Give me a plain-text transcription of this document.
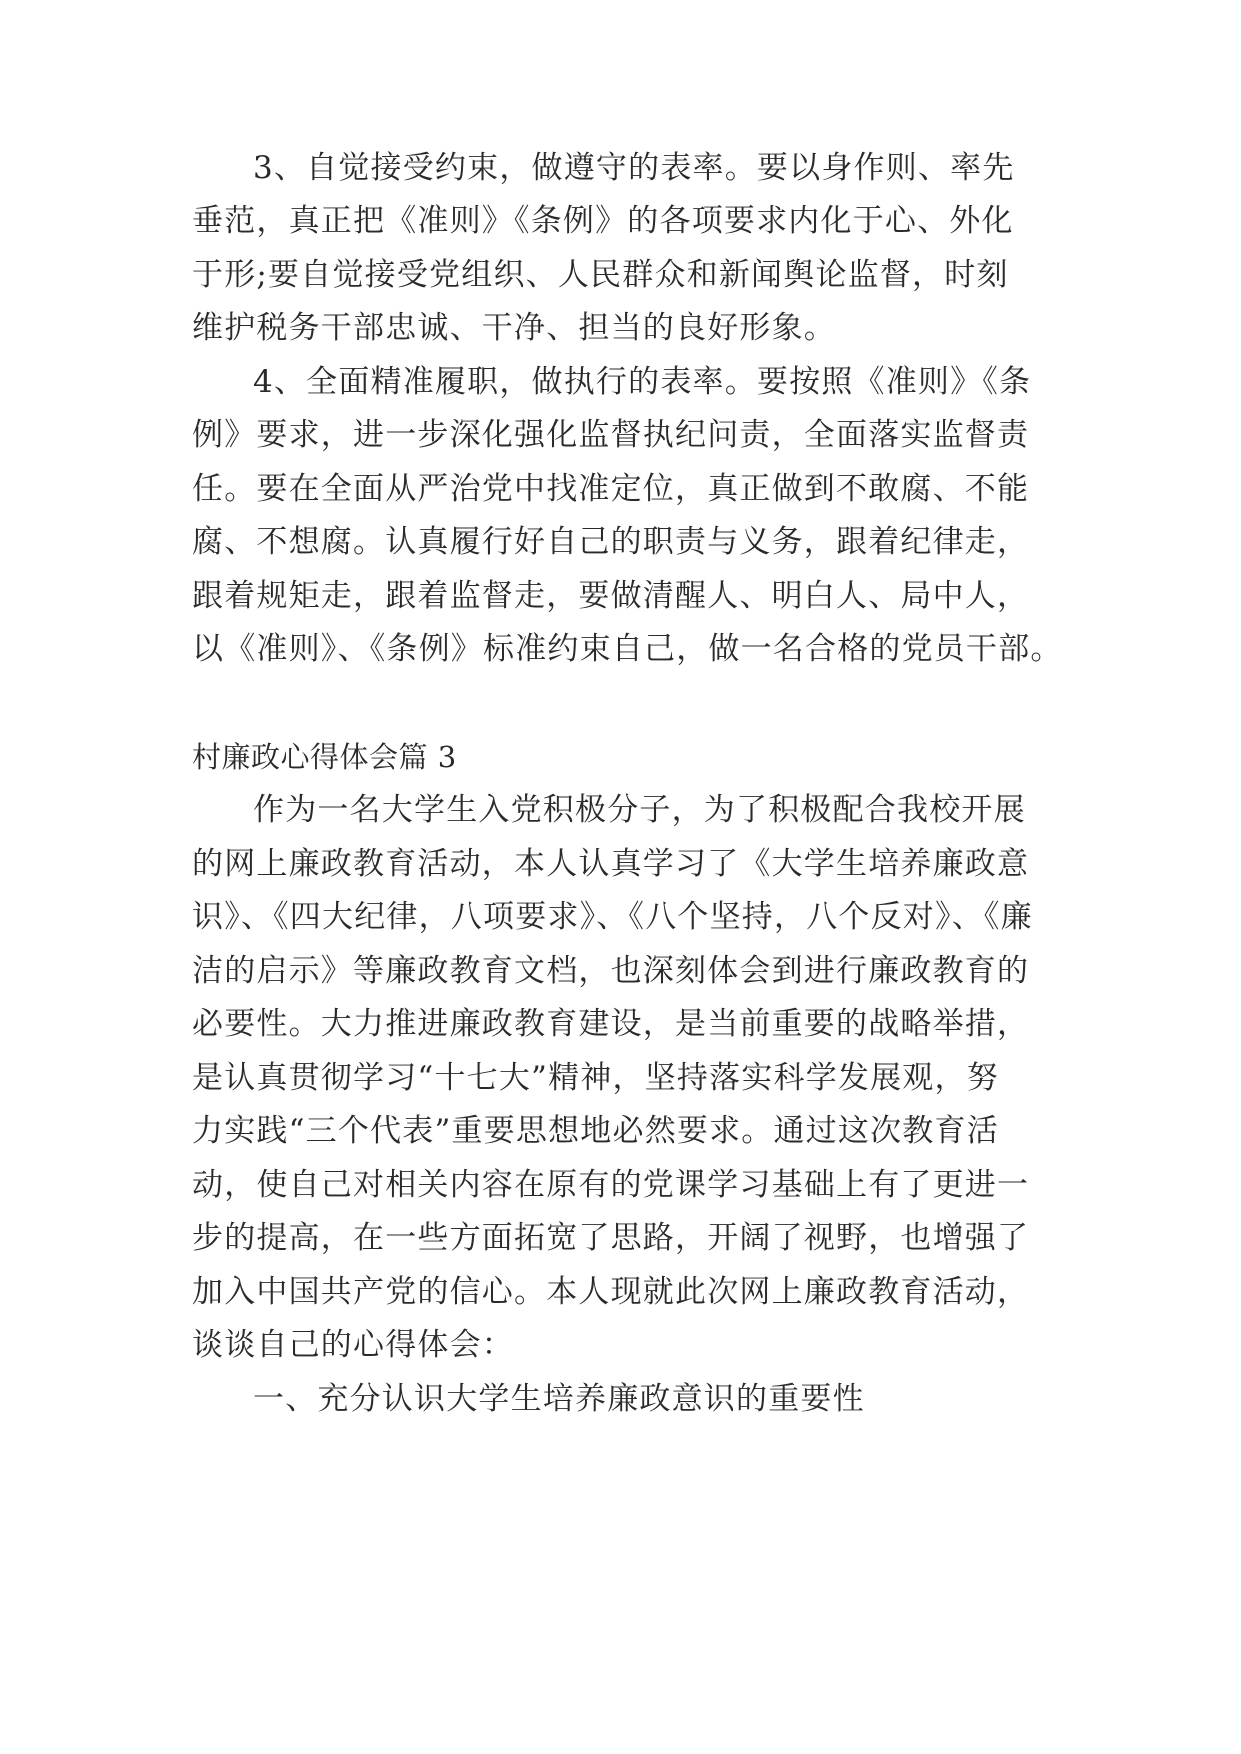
3、自觉接受约束，做遵守的表率。要以身作则、率先
垂范，真正把《准则》《条例》的各项要求内化于心、外化
于形;要自觉接受党组织、人民群众和新闻舆论监督，时刻
维护税务干部忠诚、干净、担当的良好形象。
4、全面精准履职，做执行的表率。要按照《准则》《条
例》要求，进一步深化强化监督执纪问责，全面落实监督责
任。要在全面从严治党中找准定位，真正做到不敢腐、不能
腐、不想腐。认真履行好自己的职责与义务，跟着纪律走，
跟着规矩走，跟着监督走，要做清醒人、明白人、局中人，
以《准则》、《条例》标准约束自己，做一名合格的党员干部。
村廉政心得体会篇 3
作为一名大学生入党积极分子，为了积极配合我校开展
的网上廉政教育活动，本人认真学习了《大学生培养廉政意
识》、《四大纪律，八项要求》、《八个坚持，八个反对》、《廉
洁的启示》等廉政教育文档，也深刻体会到进行廉政教育的
必要性。大力推进廉政教育建设，是当前重要的战略举措，
是认真贯彻学习“十七大”精神，坚持落实科学发展观，努
力实践“三个代表”重要思想地必然要求。通过这次教育活
动，使自己对相关内容在原有的党课学习基础上有了更进一
步的提高，在一些方面拓宽了思路，开阔了视野，也增强了
加入中国共产党的信心。本人现就此次网上廉政教育活动，
谈谈自己的心得体会：
一、充分认识大学生培养廉政意识的重要性
